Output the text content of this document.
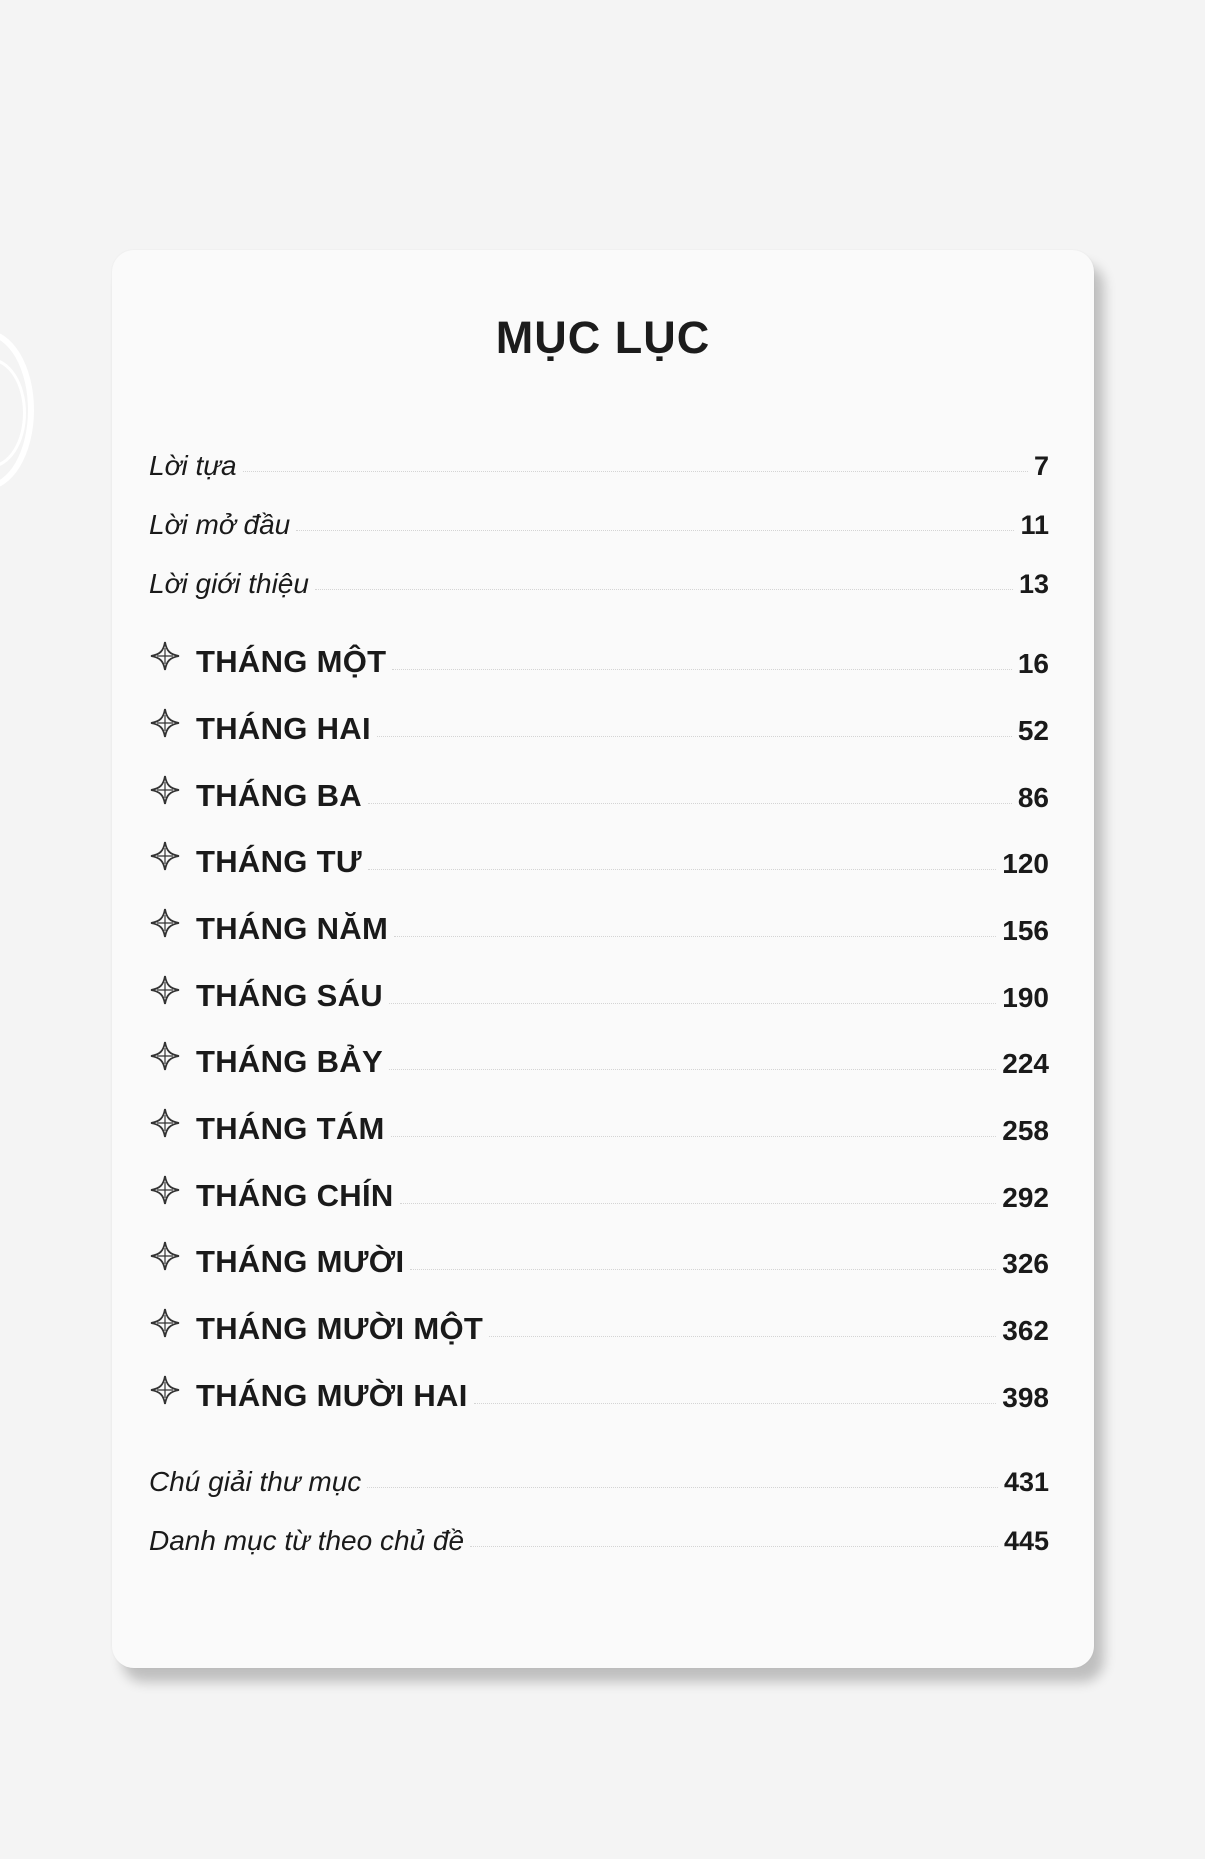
MỤC LỤC
Lời tựa	7
Lời mở đầu	11
Lời giới thiệu	13
THÁNG MỘT	16
THÁNG HAI	52
THÁNG BA	86
THÁNG TƯ	120
THÁNG NĂM	156
THÁNG SÁU	190
THÁNG BẢY	224
THÁNG TÁM	258
THÁNG CHÍN	292
THÁNG MƯỜI	326
THÁNG MƯỜI MỘT	362
THÁNG MƯỜI HAI	398
Chú giải thư mục	431
Danh mục từ theo chủ đề	445
